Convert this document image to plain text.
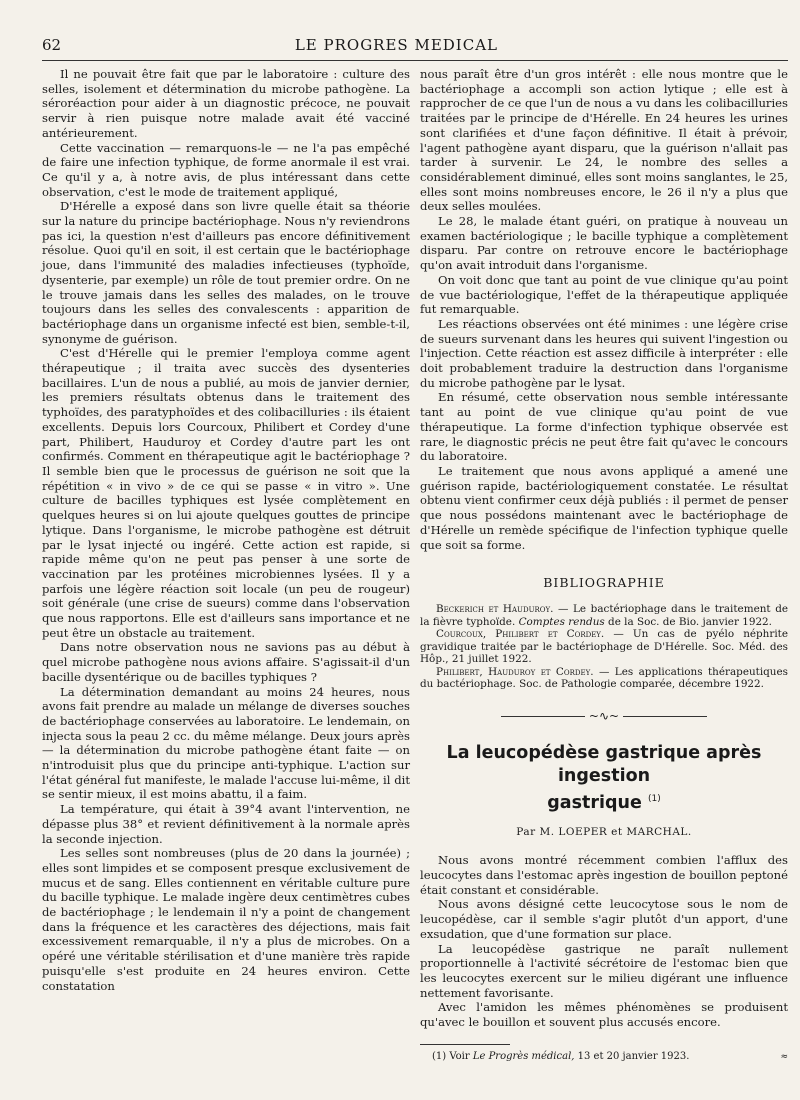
62	LE PROGRES MEDICAL

Il ne pouvait être fait que par le laboratoire : culture des selles, isolement et détermination du microbe pathogène. La séroréaction pour aider à un diagnostic précoce, ne pouvait servir à rien puisque notre malade avait été vacciné antérieurement.

Cette vaccination — remarquons-le — ne l'a pas empêché de faire une infection typhique, de forme anormale il est vrai. Ce qu'il y a, à notre avis, de plus intéressant dans cette observation, c'est le mode de traitement appliqué,

D'Hérelle a exposé dans son livre quelle était sa théorie sur la nature du principe bactériophage. Nous n'y reviendrons pas ici, la question n'est d'ailleurs pas encore définitivement résolue. Quoi qu'il en soit, il est certain que le bactériophage joue, dans l'immunité des maladies infectieuses (typhoïde, dysenterie, par exemple) un rôle de tout premier ordre. On ne le trouve jamais dans les selles des malades, on le trouve toujours dans les selles des convalescents : apparition de bactériophage dans un organisme infecté est bien, semble-t-il, synonyme de guérison.

C'est d'Hérelle qui le premier l'employa comme agent thérapeutique ; il traita avec succès des dysenteries bacillaires. L'un de nous a publié, au mois de janvier dernier, les premiers résultats obtenus dans le traitement des typhoïdes, des paratyphoïdes et des colibacilluries : ils étaient excellents. Depuis lors Courcoux, Philibert et Cordey d'une part, Philibert, Hauduroy et Cordey d'autre part les ont confirmés. Comment en thérapeutique agit le bactériophage ? Il semble bien que le processus de guérison ne soit que la répétition « in vivo » de ce qui se passe « in vitro ». Une culture de bacilles typhiques est lysée complètement en quelques heures si on lui ajoute quelques gouttes de principe lytique. Dans l'organisme, le microbe pathogène est détruit par le lysat injecté ou ingéré. Cette action est rapide, si rapide même qu'on ne peut pas penser à une sorte de vaccination par les protéines microbiennes lysées. Il y a parfois une légère réaction soit locale (un peu de rougeur) soit générale (une crise de sueurs) comme dans l'observation que nous rapportons. Elle est d'ailleurs sans importance et ne peut être un obstacle au traitement.

Dans notre observation nous ne savions pas au début à quel microbe pathogène nous avions affaire. S'agissait-il d'un bacille dysentérique ou de bacilles typhiques ?

La détermination demandant au moins 24 heures, nous avons fait prendre au malade un mélange de diverses souches de bactériophage conservées au laboratoire. Le lendemain, on injecta sous la peau 2 cc. du même mélange. Deux jours après — la détermination du microbe pathogène étant faite — on n'introduisit plus que du principe anti-typhique. L'action sur l'état général fut manifeste, le malade l'accuse lui-même, il dit se sentir mieux, il est moins abattu, il a faim.

La température, qui était à 39°4 avant l'intervention, ne dépasse plus 38° et revient définitivement à la normale après la seconde injection.

Les selles sont nombreuses (plus de 20 dans la journée) ; elles sont limpides et se composent presque exclusivement de mucus et de sang. Elles contiennent en véritable culture pure du bacille typhique. Le malade ingère deux centimètres cubes de bactériophage ; le lendemain il n'y a point de changement dans la fréquence et les caractères des déjections, mais fait excessivement remarquable, il n'y a plus de microbes. On a opéré une véritable stérilisation et d'une manière très rapide puisqu'elle s'est produite en 24 heures environ. Cette constatation

nous paraît être d'un gros intérêt : elle nous montre que le bactériophage a accompli son action lytique ; elle est à rapprocher de ce que l'un de nous a vu dans les colibacilluries traitées par le principe de d'Hérelle. En 24 heures les urines sont clarifiées et d'une façon définitive. Il était à prévoir, l'agent pathogène ayant disparu, que la guérison n'allait pas tarder à survenir. Le 24, le nombre des selles a considérablement diminué, elles sont moins sanglantes, le 25, elles sont moins nombreuses encore, le 26 il n'y a plus que deux selles moulées.

Le 28, le malade étant guéri, on pratique à nouveau un examen bactériologique ; le bacille typhique a complètement disparu. Par contre on retrouve encore le bactériophage qu'on avait introduit dans l'organisme.

On voit donc que tant au point de vue clinique qu'au point de vue bactériologique, l'effet de la thérapeutique appliquée fut remarquable.

Les réactions observées ont été minimes : une légère crise de sueurs survenant dans les heures qui suivent l'ingestion ou l'injection. Cette réaction est assez difficile à interpréter : elle doit probablement traduire la destruction dans l'organisme du microbe pathogène par le lysat.

En résumé, cette observation nous semble intéressante tant au point de vue clinique qu'au point de vue thérapeutique. La forme d'infection typhique observée est rare, le diagnostic précis ne peut être fait qu'avec le concours du laboratoire.

Le traitement que nous avons appliqué a amené une guérison rapide, bactériologiquement constatée. Le résultat obtenu vient confirmer ceux déjà publiés : il permet de penser que nous possédons maintenant avec le bactériophage de d'Hérelle un remède spécifique de l'infection typhique quelle que soit sa forme.

BIBLIOGRAPHIE

Beckerich et Hauduroy. — Le bactériophage dans le traitement de la fièvre typhoïde. Comptes rendus de la Soc. de Bio. janvier 1922.

Courcoux, Philibert et Cordey. — Un cas de pyélo néphrite gravidique traitée par le bactériophage de D'Hérelle. Soc. Méd. des Hôp., 21 juillet 1922.

Philibert, Hauduroy et Cordey. — Les applications thérapeutiques du bactériophage. Soc. de Pathologie comparée, décembre 1922.

~∿~
La leucopédèse gastrique après ingestion
gastrique $^{(1)}$
Par M. LOEPER et MARCHAL.

Nous avons montré récemment combien l'afflux des leucocytes dans l'estomac après ingestion de bouillon peptoné était constant et considérable.

Nous avons désigné cette leucocytose sous le nom de leucopédèse, car il semble s'agir plutôt d'un apport, d'une exsudation, que d'une formation sur place.

La leucopédèse gastrique ne paraît nullement proportionnelle à l'activité sécrétoire de l'estomac bien que les leucocytes exercent sur le milieu digérant une influence nettement favorisante.

Avec l'amidon les mêmes phénomènes se produisent qu'avec le bouillon et souvent plus accusés encore.

(1) Voir Le Progrès médical, 13 et 20 janvier 1923.	≈
